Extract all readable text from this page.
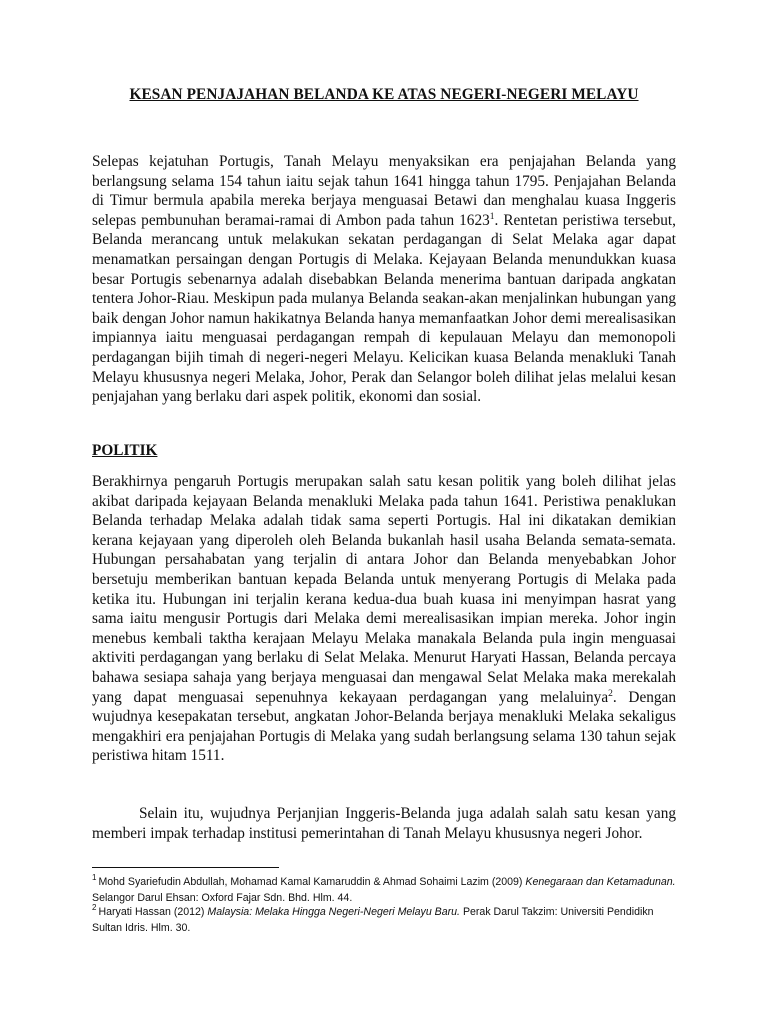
KESAN PENJAJAHAN BELANDA KE ATAS NEGERI-NEGERI MELAYU

Selepas kejatuhan Portugis, Tanah Melayu menyaksikan era penjajahan Belanda yang berlangsung selama 154 tahun iaitu sejak tahun 1641 hingga tahun 1795. Penjajahan Belanda di Timur bermula apabila mereka berjaya menguasai Betawi dan menghalau kuasa Inggeris selepas pembunuhan beramai-ramai di Ambon pada tahun 1623$^1$. Rentetan peristiwa tersebut, Belanda merancang untuk melakukan sekatan perdagangan di Selat Melaka agar dapat menamatkan persaingan dengan Portugis di Melaka. Kejayaan Belanda menundukkan kuasa besar Portugis sebenarnya adalah disebabkan Belanda menerima bantuan daripada angkatan tentera Johor-Riau. Meskipun pada mulanya Belanda seakan-akan menjalinkan hubungan yang baik dengan Johor namun hakikatnya Belanda hanya memanfaatkan Johor demi merealisasikan impiannya iaitu menguasai perdagangan rempah di kepulauan Melayu dan memonopoli perdagangan bijih timah di negeri-negeri Melayu. Kelicikan kuasa Belanda menakluki Tanah Melayu khususnya negeri Melaka, Johor, Perak dan Selangor boleh dilihat jelas melalui kesan penjajahan yang berlaku dari aspek politik, ekonomi dan sosial.

POLITIK

Berakhirnya pengaruh Portugis merupakan salah satu kesan politik yang boleh dilihat jelas akibat daripada kejayaan Belanda menakluki Melaka pada tahun 1641. Peristiwa penaklukan Belanda terhadap Melaka adalah tidak sama seperti Portugis. Hal ini dikatakan demikian kerana kejayaan yang diperoleh oleh Belanda bukanlah hasil usaha Belanda semata-semata. Hubungan persahabatan yang terjalin di antara Johor dan Belanda menyebabkan Johor bersetuju memberikan bantuan kepada Belanda untuk menyerang Portugis di Melaka pada ketika itu. Hubungan ini terjalin kerana kedua-dua buah kuasa ini menyimpan hasrat yang sama iaitu mengusir Portugis dari Melaka demi merealisasikan impian mereka. Johor ingin menebus kembali taktha kerajaan Melayu Melaka manakala Belanda pula ingin menguasai aktiviti perdagangan yang berlaku di Selat Melaka. Menurut Haryati Hassan, Belanda percaya bahawa sesiapa sahaja yang berjaya menguasai dan mengawal Selat Melaka maka merekalah yang dapat menguasai sepenuhnya kekayaan perdagangan yang melaluinya$^2$. Dengan wujudnya kesepakatan tersebut, angkatan Johor-Belanda berjaya menakluki Melaka sekaligus mengakhiri era penjajahan Portugis di Melaka yang sudah berlangsung selama 130 tahun sejak peristiwa hitam 1511.

Selain itu, wujudnya Perjanjian Inggeris-Belanda juga adalah salah satu kesan yang memberi impak terhadap institusi pemerintahan di Tanah Melayu khususnya negeri Johor.

$^1$ Mohd Syariefudin Abdullah, Mohamad Kamal Kamaruddin & Ahmad Sohaimi Lazim (2009) Kenegaraan dan Ketamadunan. Selangor Darul Ehsan: Oxford Fajar Sdn. Bhd. Hlm. 44.

$^2$ Haryati Hassan (2012) Malaysia: Melaka Hingga Negeri-Negeri Melayu Baru. Perak Darul Takzim: Universiti Pendidikn Sultan Idris. Hlm. 30.
